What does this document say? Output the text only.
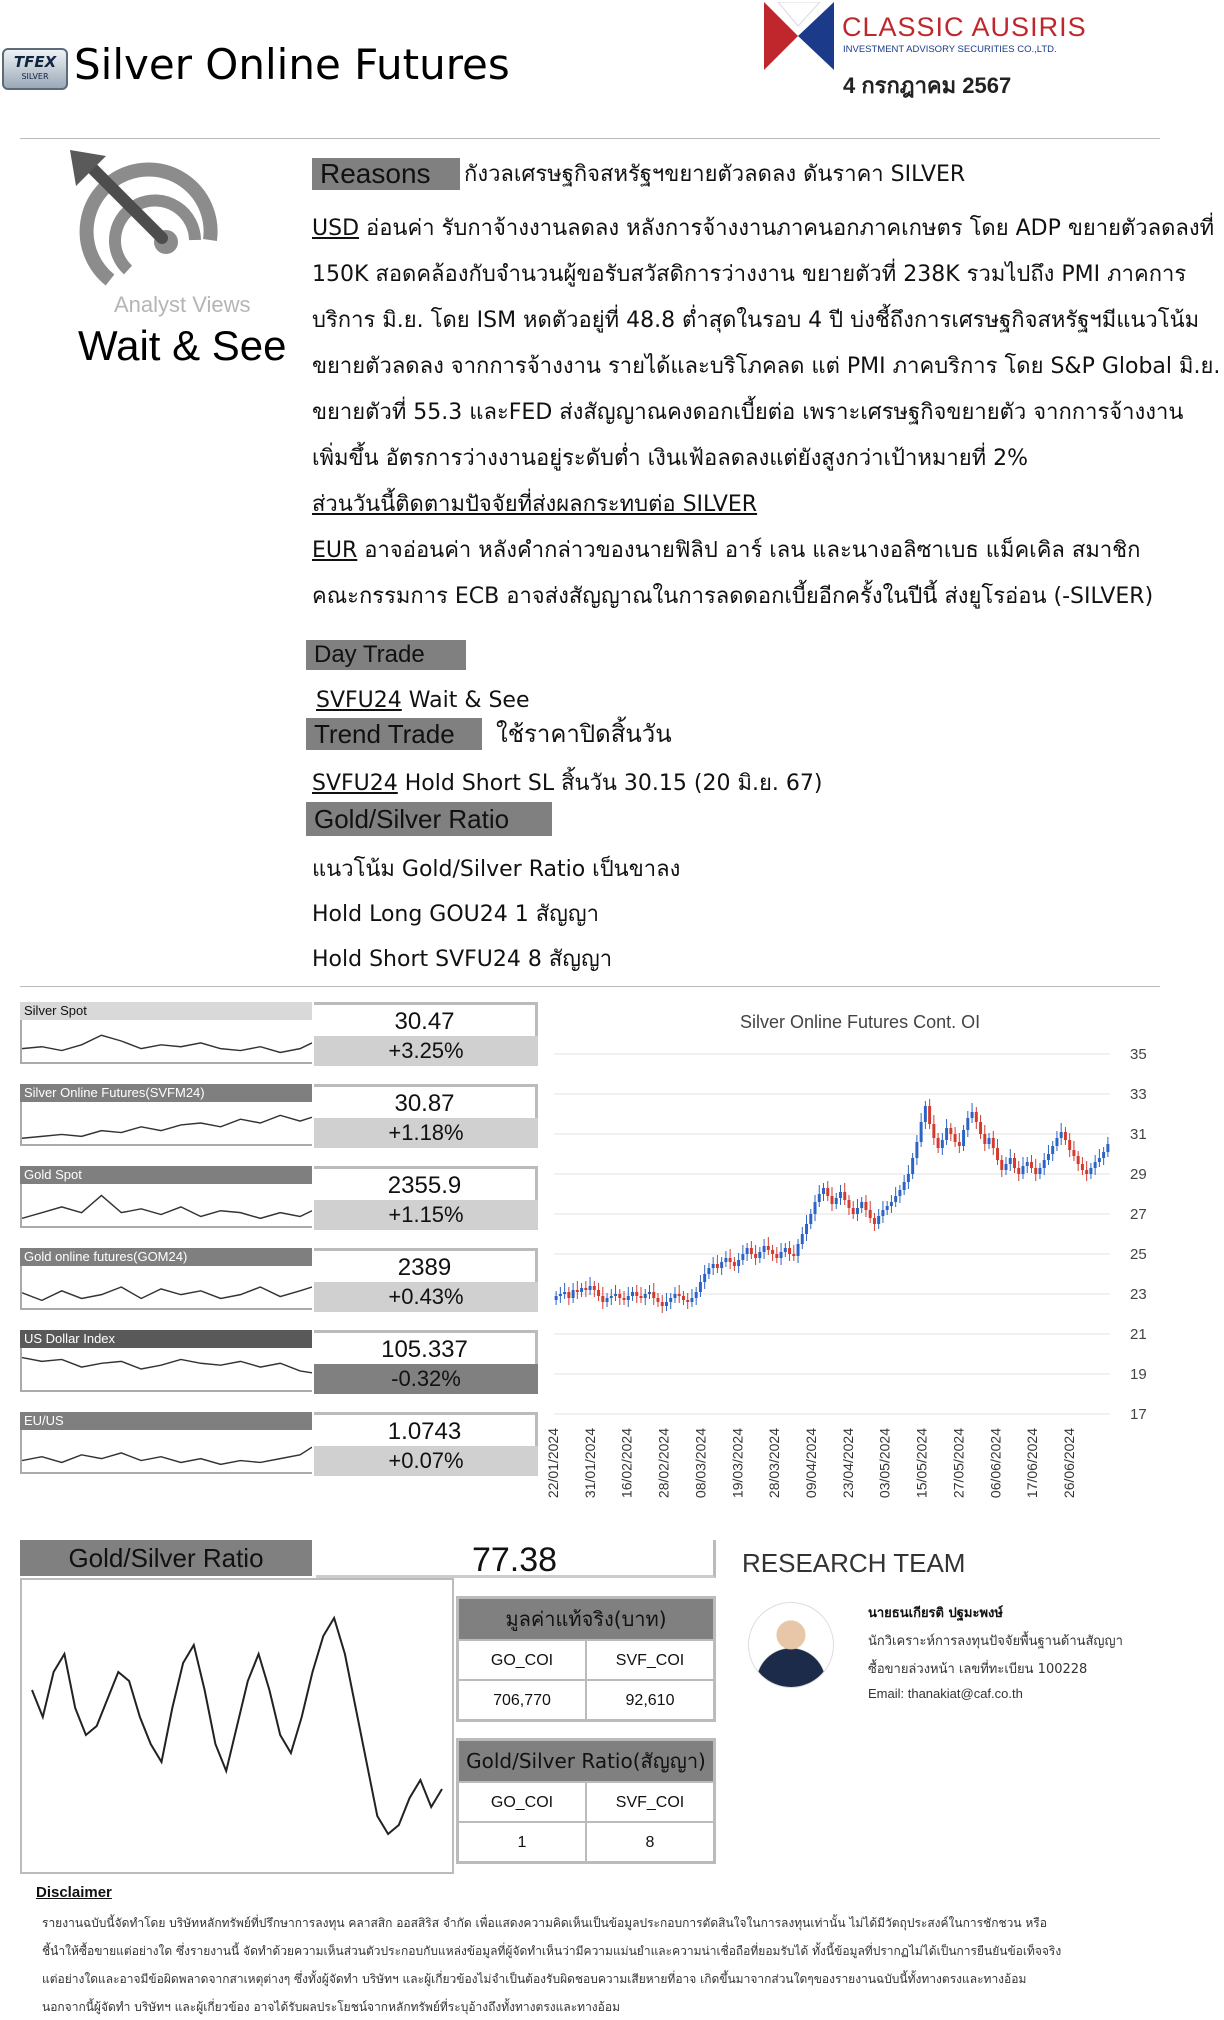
TFEX
SILVER Silver Online Futures
CLASSIC AUSIRIS
INVESTMENT ADVISORY SECURITIES CO.,LTD.
4 กรกฎาคม 2567
Analyst Views
Wait & See
Reasons	กังวลเศรษฐกิจสหรัฐฯขยายตัวลดลง ดันราคา SILVER
USD อ่อนค่า รับกาจ้างงานลดลง หลังการจ้างงานภาคนอกภาคเกษตร โดย ADP ขยายตัวลดลงที่
150K สอดคล้องกับจำนวนผู้ขอรับสวัสดิการว่างงาน ขยายตัวที่ 238K รวมไปถึง PMI ภาคการ
บริการ มิ.ย. โดย ISM หดตัวอยู่ที่ 48.8 ต่ำสุดในรอบ 4 ปี บ่งชี้ถึงการเศรษฐกิจสหรัฐฯมีแนวโน้ม
ขยายตัวลดลง จากการจ้างงาน รายได้และบริโภคลด แต่ PMI ภาคบริการ โดย S&P Global มิ.ย.
ขยายตัวที่ 55.3 และFED ส่งสัญญาณคงดอกเบี้ยต่อ เพราะเศรษฐกิจขยายตัว จากการจ้างงาน
เพิ่มขึ้น อัตรการว่างงานอยู่ระดับต่ำ เงินเฟ้อลดลงแต่ยังสูงกว่าเป้าหมายที่ 2%
ส่วนวันนี้ติดตามปัจจัยที่ส่งผลกระทบต่อ SILVER
EUR อาจอ่อนค่า หลังคำกล่าวของนายฟิลิป อาร์ เลน และนางอลิซาเบธ แม็คเคิล สมาชิก
คณะกรรมการ ECB อาจส่งสัญญาณในการลดดอกเบี้ยอีกครั้งในปีนี้ ส่งยูโรอ่อน (-SILVER)
Day Trade
SVFU24 Wait & See
Trend Trade	ใช้ราคาปิดสิ้นวัน
SVFU24 Hold Short SL สิ้นวัน 30.15 (20 มิ.ย. 67)
Gold/Silver Ratio
แนวโน้ม Gold/Silver Ratio เป็นขาลง
Hold Long GOU24 1 สัญญา
Hold Short SVFU24 8 สัญญา
Silver Spot	30.47
+3.25%
Silver Online Futures(SVFM24)	30.87
+1.18%
Gold Spot	2355.9
+1.15%
Gold online futures(GOM24)	2389
+0.43%
US Dollar Index	105.337
-0.32%
EU/US	1.0743
+0.07%
Silver Online Futures Cont. OI
35
33
31
29
27
25
23
21
19
17
22/01/2024 31/01/2024 16/02/2024 28/02/2024 08/03/2024 19/03/2024 28/03/2024 09/04/2024 23/04/2024 03/05/2024 15/05/2024 27/05/2024 06/06/2024 17/06/2024 26/06/2024
Gold/Silver Ratio	77.38
มูลค่าแท้จริง(บาท)
GO_COI	SVF_COI
706,770	92,610
Gold/Silver Ratio(สัญญา)
GO_COI	SVF_COI
1	8
RESEARCH TEAM
นายธนเกียรติ ปฐมะพงษ์
นักวิเคราะห์การลงทุนปัจจัยพื้นฐานด้านสัญญา
ซื้อขายล่วงหน้า เลขที่ทะเบียน 100228
Email: thanakiat@caf.co.th
Disclaimer
รายงานฉบับนี้จัดทำโดย บริษัทหลักทรัพย์ที่ปรึกษาการลงทุน คลาสสิก ออสสิริส จำกัด เพื่อแสดงความคิดเห็นเป็นข้อมูลประกอบการตัดสินใจในการลงทุนเท่านั้น ไม่ได้มีวัตถุประสงค์ในการชักชวน หรือ
ชี้นำให้ซื้อขายแต่อย่างใด ซึ่งรายงานนี้ จัดทำด้วยความเห็นส่วนตัวประกอบกับแหล่งข้อมูลที่ผู้จัดทำเห็นว่ามีความแม่นยำและความน่าเชื่อถือที่ยอมรับได้ ทั้งนี้ข้อมูลที่ปรากฏไม่ได้เป็นการยืนยันข้อเท็จจริง
แต่อย่างใดและอาจมีข้อผิดพลาดจากสาเหตุต่างๆ ซึ่งทั้งผู้จัดทำ บริษัทฯ และผู้เกี่ยวข้องไม่จำเป็นต้องรับผิดชอบความเสียหายที่อาจ เกิดขึ้นมาจากส่วนใดๆของรายงานฉบับนี้ทั้งทางตรงและทางอ้อม
นอกจากนี้ผู้จัดทำ บริษัทฯ และผู้เกี่ยวข้อง อาจได้รับผลประโยชน์จากหลักทรัพย์ที่ระบุอ้างถึงทั้งทางตรงและทางอ้อม
